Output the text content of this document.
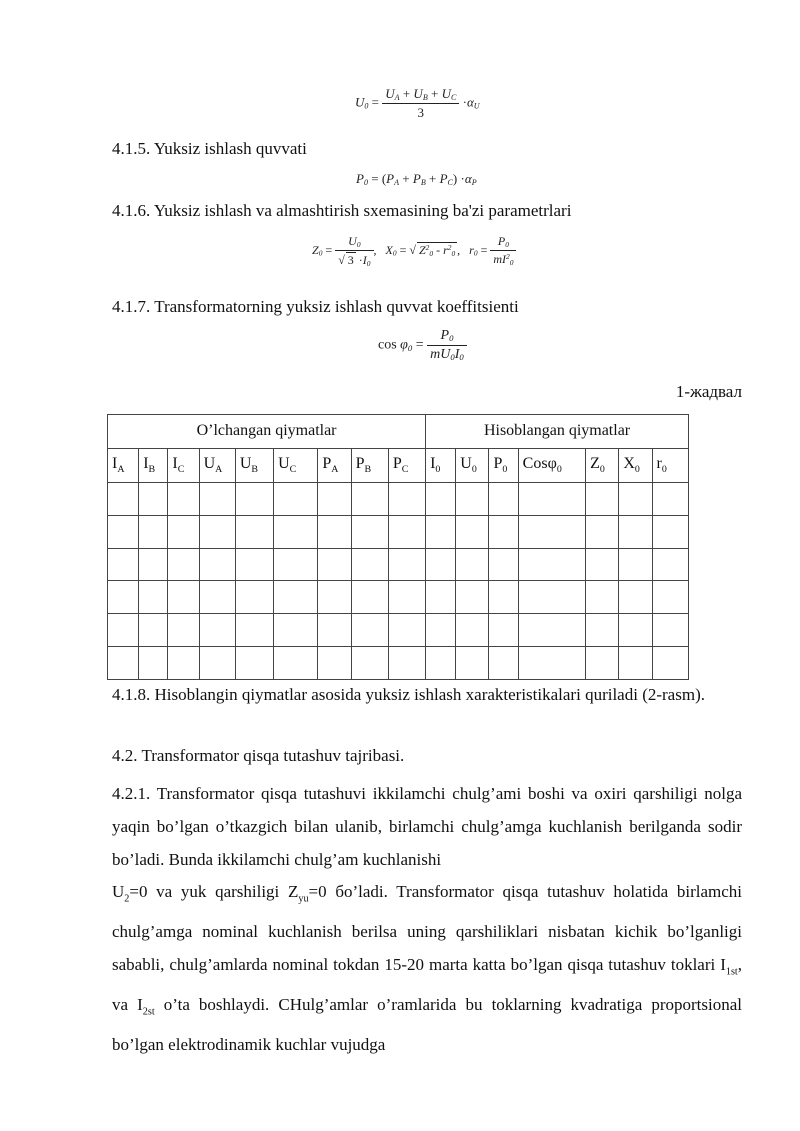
$U_0 = \frac{U_A + U_B + U_C}{3} \cdot\alpha_U$
4.1.5. Yuksiz ishlash quvvati
$P_0 = (P_A + P_B + P_C) \cdot\alpha_P$
4.1.6. Yuksiz ishlash va almashtirish sxemasining ba'zi parametrlari
$Z_0 = \frac{U_0}{√ 3 \cdot I_0}$ ,   $X_0$ = √ $Z^2_0 - r^2_0$ ,   $r_0 = \frac{P_0}{mI^2_0}$
4.1.7. Transformatorning yuksiz ishlash quvvat koeffitsienti
$\cos \varphi_0 = \frac{P_0}{mU_0I_0}$
1-жадвал
O’lchangan qiymatlar									Hisoblangan qiymatlar						
$I_A$	$I_B$	$I_C$	$U_A$	$U_B$	$U_C$	$P_A$	$P_B$	$P_C$	$I_0$	$U_0$	$P_0$	Cosφ$_0$	$Z_0$	$X_0$	$r_0$

4.1.8. Hisoblangin qiymatlar asosida yuksiz ishlash xarakteristikalari quriladi (2-rasm).
4.2. Transformator qisqa tutashuv tajribasi.
4.2.1. Transformator qisqa tutashuvi ikkilamchi chulg’ami boshi va oxiri qarshiligi nolga yaqin bo’lgan o’tkazgich bilan ulanib, birlamchi chulg’amga kuchlanish berilganda sodir bo’ladi. Bunda ikkilamchi chulg’am kuchlanishi
$U_2=0$ va yuk qarshiligi $Z_{yu}=0$ бo’ladi. Transformator qisqa tutashuv holatida birlamchi chulg’amga nominal kuchlanish berilsa uning qarshiliklari nisbatan kichik bo’lganligi sababli, chulg’amlarda nominal tokdan 15-20 marta katta bo’lgan qisqa tutashuv toklari $I_{1st}$, va $I_{2st}$ o’ta boshlaydi. CHulg’amlar o’ramlarida bu toklarning kvadratiga proportsional bo’lgan elektrodinamik kuchlar vujudga
